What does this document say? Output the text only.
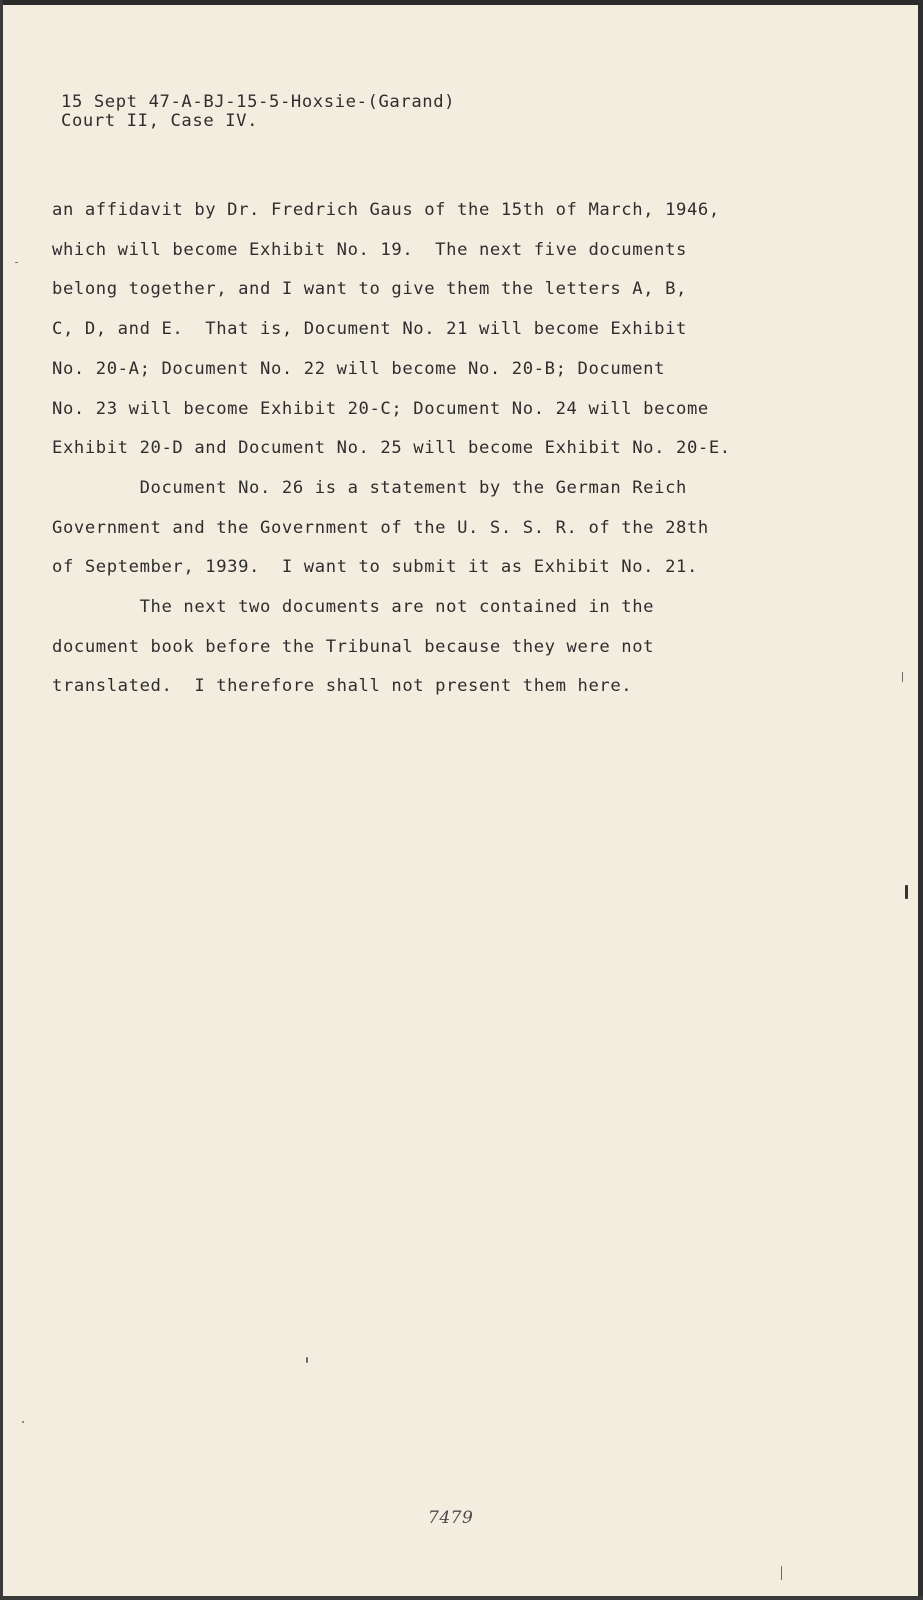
15 Sept 47-A-BJ-15-5-Hoxsie-(Garand)

Court II, Case IV.

an affidavit by Dr. Fredrich Gaus of the 15th of March, 1946,

which will become Exhibit No. 19.  The next five documents

belong together, and I want to give them the letters A, B,

C, D, and E.  That is, Document No. 21 will become Exhibit

No. 20-A; Document No. 22 will become No. 20-B; Document

No. 23 will become Exhibit 20-C; Document No. 24 will become

Exhibit 20-D and Document No. 25 will become Exhibit No. 20-E.

Document No. 26 is a statement by the German Reich

Government and the Government of the U. S. S. R. of the 28th

of September, 1939.  I want to submit it as Exhibit No. 21.

The next two documents are not contained in the

document book before the Tribunal because they were not

translated.  I therefore shall not present them here.

7479
